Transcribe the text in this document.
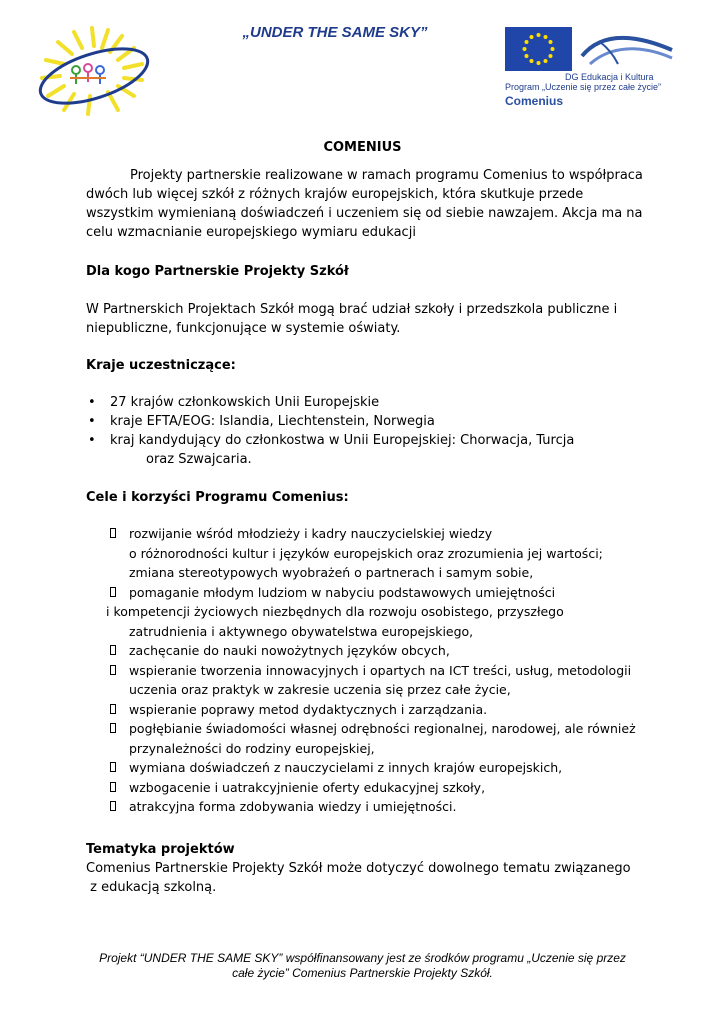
„UNDER THE SAME SKY”
DG Edukacja i Kultura
Program „Uczenie się przez całe życie”
Comenius
COMENIUS
Projekty partnerskie realizowane w ramach programu Comenius to współpraca dwóch lub więcej szkół z różnych krajów europejskich, która skutkuje przede wszystkim wymienianą doświadczeń i uczeniem się od siebie nawzajem. Akcja ma na celu wzmacnianie europejskiego wymiaru edukacji
Dla kogo Partnerskie Projekty Szkół
W Partnerskich Projektach Szkół mogą brać udział szkoły i przedszkola publiczne i niepubliczne, funkcjonujące w systemie oświaty.
Kraje uczestniczące:
• 27 krajów członkowskich Unii Europejskie
• kraje EFTA/EOG: Islandia, Liechtenstein, Norwegia
• kraj kandydujący do członkostwa w Unii Europejskiej: Chorwacja, Turcja
oraz Szwajcaria.
Cele i korzyści Programu Comenius:
rozwijanie wśród młodzieży i kadry nauczycielskiej wiedzy
o różnorodności kultur i języków europejskich oraz zrozumienia jej wartości;
zmiana stereotypowych wyobrażeń o partnerach i samym sobie,
pomaganie młodym ludziom w nabyciu podstawowych umiejętności
i kompetencji życiowych niezbędnych dla rozwoju osobistego, przyszłego
zatrudnienia i aktywnego obywatelstwa europejskiego,
zachęcanie do nauki nowożytnych języków obcych,
wspieranie tworzenia innowacyjnych i opartych na ICT treści, usług, metodologii
uczenia oraz praktyk w zakresie uczenia się przez całe życie,
wspieranie poprawy metod dydaktycznych i zarządzania.
pogłębianie świadomości własnej odrębności regionalnej, narodowej, ale również
przynależności do rodziny europejskiej,
wymiana doświadczeń z nauczycielami z innych krajów europejskich,
wzbogacenie i uatrakcyjnienie oferty edukacyjnej szkoły,
atrakcyjna forma zdobywania wiedzy i umiejętności.
Tematyka projektów
Comenius Partnerskie Projekty Szkół może dotyczyć dowolnego tematu związanego
z edukacją szkolną.
Projekt “UNDER THE SAME SKY” współfinansowany jest ze środków programu „Uczenie się przez
całe życie” Comenius Partnerskie Projekty Szkół.
